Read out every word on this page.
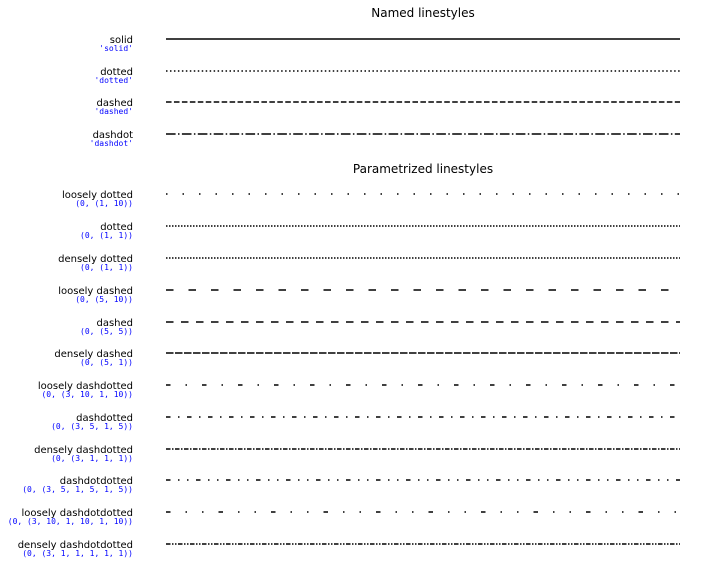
Named linestyles
solid
'solid'
dotted
'dotted'
dashed
'dashed'
dashdot
'dashdot'
Parametrized linestyles
loosely dotted
(0, (1, 10))
dotted
(0, (1, 1))
densely dotted
(0, (1, 1))
loosely dashed
(0, (5, 10))
dashed
(0, (5, 5))
densely dashed
(0, (5, 1))
loosely dashdotted
(0, (3, 10, 1, 10))
dashdotted
(0, (3, 5, 1, 5))
densely dashdotted
(0, (3, 1, 1, 1))
dashdotdotted
(0, (3, 5, 1, 5, 1, 5))
loosely dashdotdotted
(0, (3, 10, 1, 10, 1, 10))
densely dashdotdotted
(0, (3, 1, 1, 1, 1, 1))
